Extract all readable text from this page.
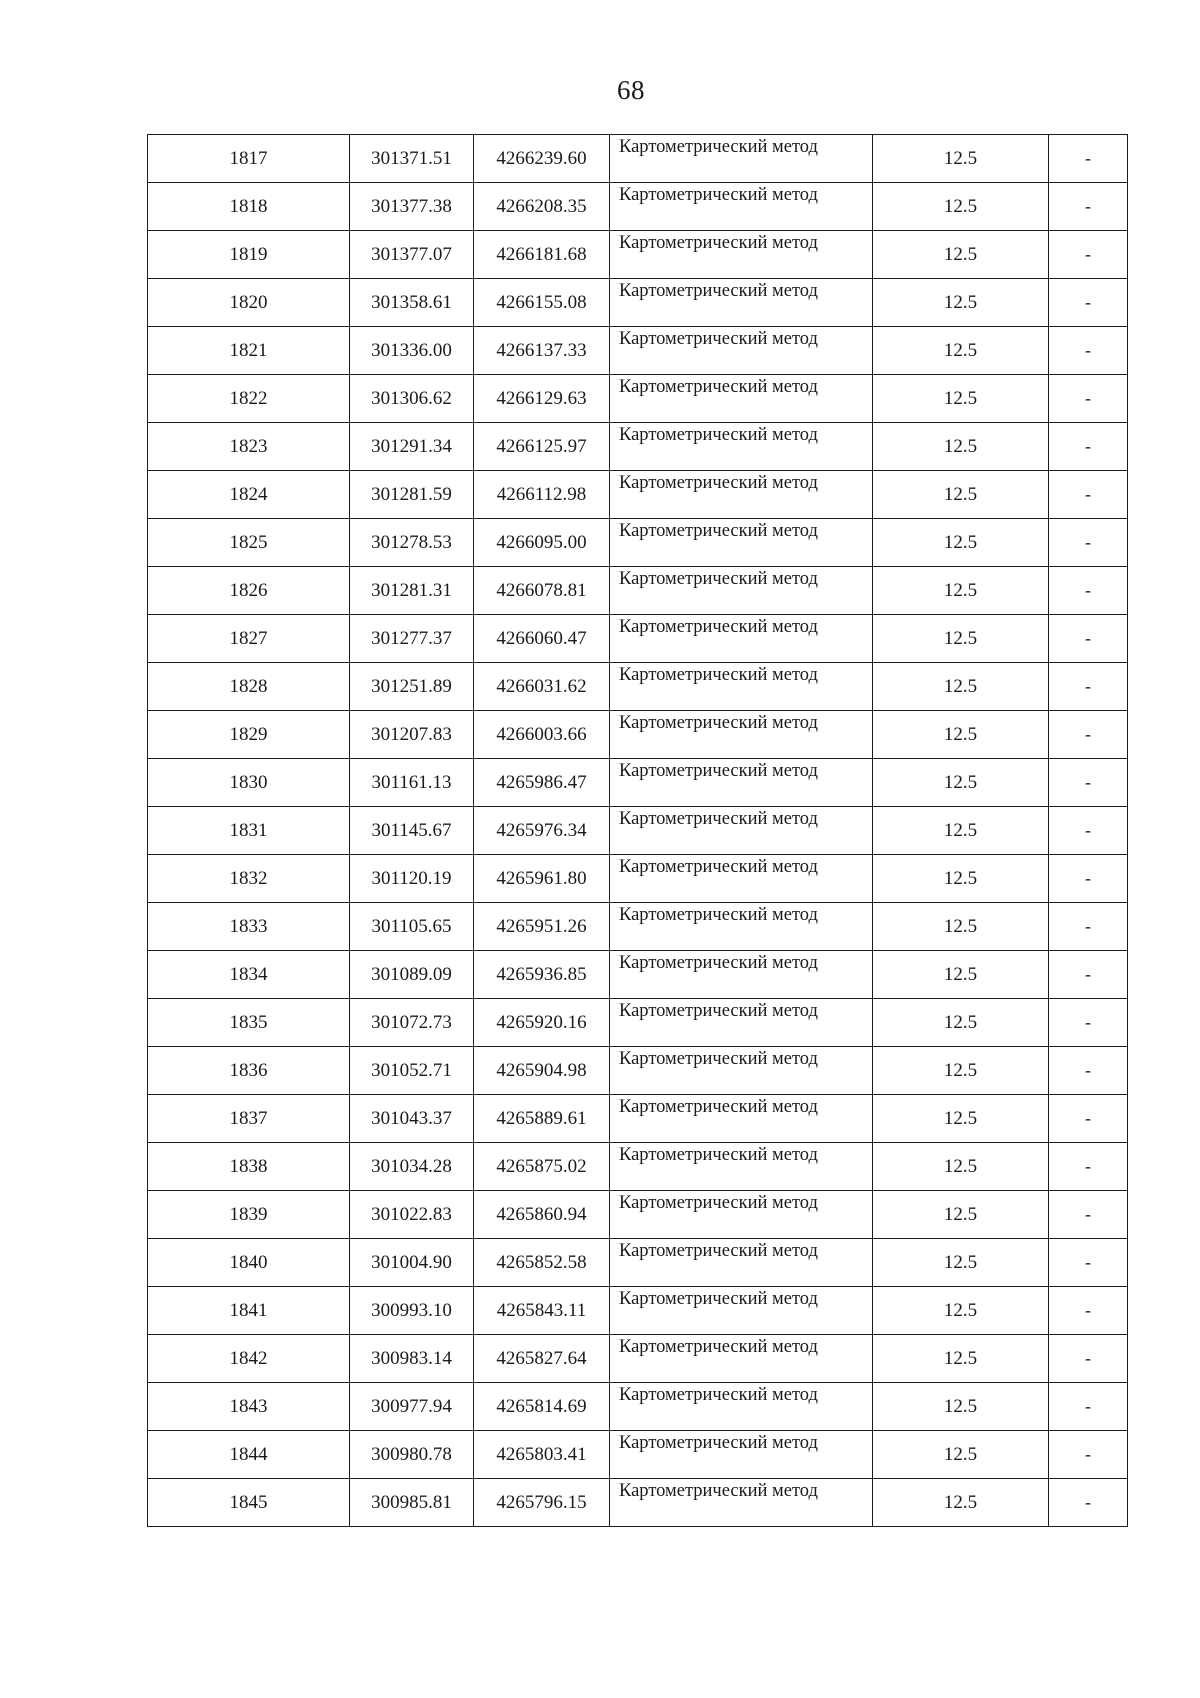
68
1817	301371.51	4266239.60	Картометрический метод	12.5	-
1818	301377.38	4266208.35	Картометрический метод	12.5	-
1819	301377.07	4266181.68	Картометрический метод	12.5	-
1820	301358.61	4266155.08	Картометрический метод	12.5	-
1821	301336.00	4266137.33	Картометрический метод	12.5	-
1822	301306.62	4266129.63	Картометрический метод	12.5	-
1823	301291.34	4266125.97	Картометрический метод	12.5	-
1824	301281.59	4266112.98	Картометрический метод	12.5	-
1825	301278.53	4266095.00	Картометрический метод	12.5	-
1826	301281.31	4266078.81	Картометрический метод	12.5	-
1827	301277.37	4266060.47	Картометрический метод	12.5	-
1828	301251.89	4266031.62	Картометрический метод	12.5	-
1829	301207.83	4266003.66	Картометрический метод	12.5	-
1830	301161.13	4265986.47	Картометрический метод	12.5	-
1831	301145.67	4265976.34	Картометрический метод	12.5	-
1832	301120.19	4265961.80	Картометрический метод	12.5	-
1833	301105.65	4265951.26	Картометрический метод	12.5	-
1834	301089.09	4265936.85	Картометрический метод	12.5	-
1835	301072.73	4265920.16	Картометрический метод	12.5	-
1836	301052.71	4265904.98	Картометрический метод	12.5	-
1837	301043.37	4265889.61	Картометрический метод	12.5	-
1838	301034.28	4265875.02	Картометрический метод	12.5	-
1839	301022.83	4265860.94	Картометрический метод	12.5	-
1840	301004.90	4265852.58	Картометрический метод	12.5	-
1841	300993.10	4265843.11	Картометрический метод	12.5	-
1842	300983.14	4265827.64	Картометрический метод	12.5	-
1843	300977.94	4265814.69	Картометрический метод	12.5	-
1844	300980.78	4265803.41	Картометрический метод	12.5	-
1845	300985.81	4265796.15	Картометрический метод	12.5	-
